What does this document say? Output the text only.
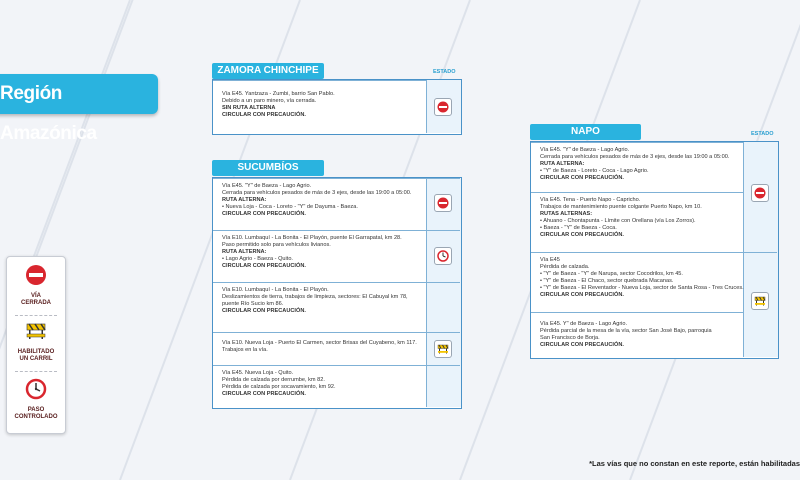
Región Amazónica
VÍA
CERRADA
HABILITADO
UN CARRIL
PASO
CONTROLADO
ZAMORA CHINCHIPE	ESTADO
Vía E45. Yantzaza - Zumbi, barrio San Pablo.
Debido a un paro minero, vía cerrada.
SIN RUTA ALTERNA
CIRCULAR CON PRECAUCIÓN.
SUCUMBÍOS
Vía E45. "Y" de Baeza - Lago Agrio.
Cerrada para vehículos pesados de más de 3 ejes, desde las 19:00 a 05:00.
RUTA ALTERNA:
• Nueva Loja - Coca - Loreto - "Y" de Dayuma - Baeza.
CIRCULAR CON PRECAUCIÓN.
Vía E10. Lumbaquí - La Bonita - El Playón, puente El Garrapatal, km 28.
Paso permitido solo para vehículos livianos.
RUTA ALTERNA:
• Lago Agrio - Baeza - Quito.
CIRCULAR CON PRECAUCIÓN.
Vía E10. Lumbaquí - La Bonita - El Playón.
Deslizamientos de tierra, trabajos de limpieza, sectores: El Cabuyal km 78,
puente Río Sucio km 86.
CIRCULAR CON PRECAUCIÓN.
Vía E10. Nueva Loja - Puerto El Carmen, sector Brisas del Cuyabeno, km 117.
Trabajos en la vía.
Vía E45. Nueva Loja - Quito.
Pérdida de calzada por derrumbe, km 82.
Pérdida de calzada por socavamiento, km 92.
CIRCULAR CON PRECAUCIÓN.
NAPO	ESTADO
Vía E45. "Y" de Baeza - Lago Agrio.
Cerrada para vehículos pesados de más de 3 ejes, desde las 19:00 a 05:00.
RUTA ALTERNA:
• "Y" de Baeza - Loreto - Coca - Lago Agrio.
CIRCULAR CON PRECAUCIÓN.
Vía E45. Tena - Puerto Napo - Capricho.
Trabajos de mantenimiento puente colgante Puerto Napo, km 10.
RUTAS ALTERNAS:
• Ahuano - Chontapunta - Límite con Orellana (vía Los Zorros).
• Baeza - "Y" de Baeza - Coca.
CIRCULAR CON PRECAUCIÓN.
Vía E45
Pérdida de calzada.
• "Y" de Baeza - "Y" de Narupa, sector Cocodrilos, km 45.
• "Y" de Baeza - El Chaco, sector quebrada Macanas.
• "Y" de Baeza - El Reventador - Nueva Loja, sector de Santa Rosa - Tres Cruces.
CIRCULAR CON PRECAUCIÓN.
Vía E45. Y" de Baeza - Lago Agrio.
Pérdida parcial de la mesa de la vía, sector San José Bajo, parroquia
San Francisco de Borja.
CIRCULAR CON PRECAUCIÓN.
*Las vías que no constan en este reporte, están habilitadas
